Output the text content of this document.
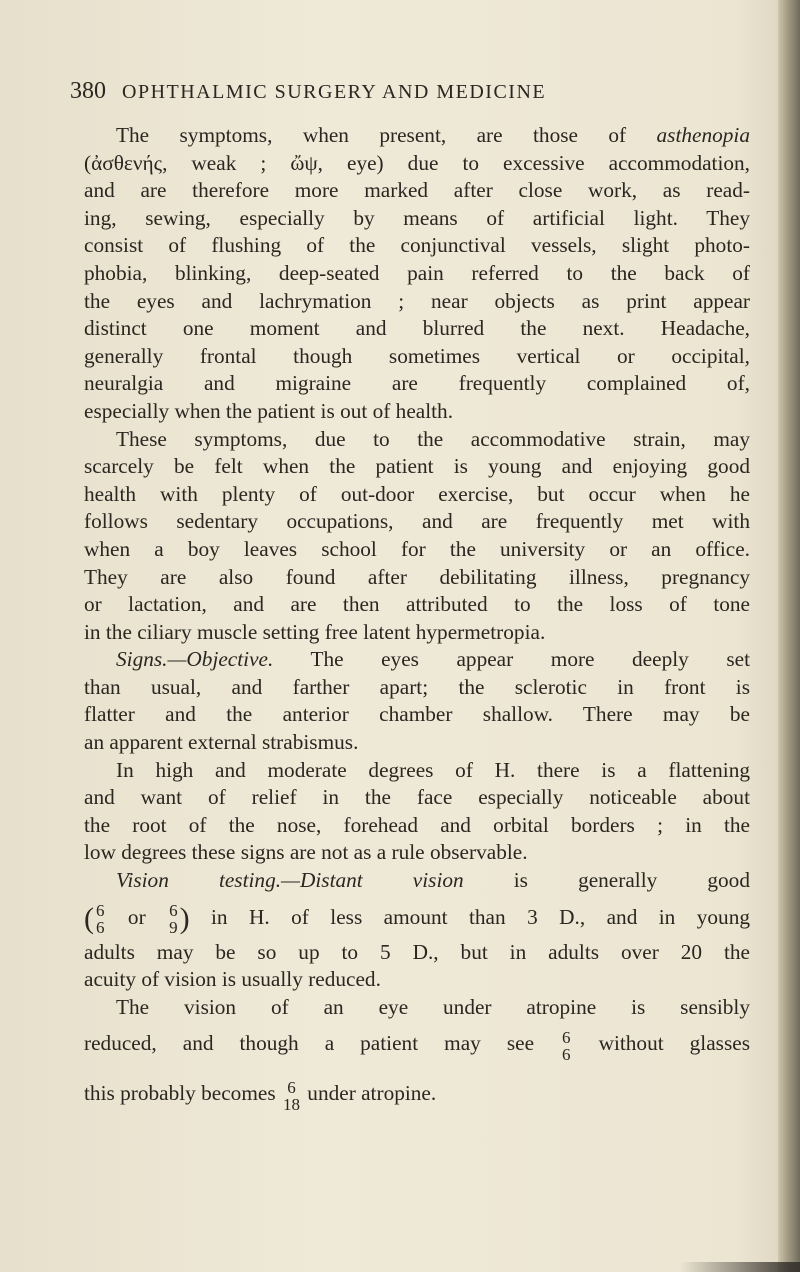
380 OPHTHALMIC SURGERY AND MEDICINE
The symptoms, when present, are those of asthenopia
(ἀσθενής, weak ; ὤψ, eye) due to excessive accommodation,
and are therefore more marked after close work, as read-
ing, sewing, especially by means of artificial light. They
consist of flushing of the conjunctival vessels, slight photo-
phobia, blinking, deep-seated pain referred to the back of
the eyes and lachrymation ; near objects as print appear
distinct one moment and blurred the next. Headache,
generally frontal though sometimes vertical or occipital,
neuralgia and migraine are frequently complained of,
especially when the patient is out of health.
These symptoms, due to the accommodative strain, may
scarcely be felt when the patient is young and enjoying good
health with plenty of out-door exercise, but occur when he
follows sedentary occupations, and are frequently met with
when a boy leaves school for the university or an office.
They are also found after debilitating illness, pregnancy
or lactation, and are then attributed to the loss of tone
in the ciliary muscle setting free latent hypermetropia.
Signs.—Objective. The eyes appear more deeply set
than usual, and farther apart; the sclerotic in front is
flatter and the anterior chamber shallow. There may be
an apparent external strabismus.
In high and moderate degrees of H. there is a flattening
and want of relief in the face especially noticeable about
the root of the nose, forehead and orbital borders ; in the
low degrees these signs are not as a rule observable.
Vision testing.—Distant vision is generally good
( 6
6 or 6
9 ) in H. of less amount than 3 D., and in young
adults may be so up to 5 D., but in adults over 20 the
acuity of vision is usually reduced.
The vision of an eye under atropine is sensibly
reduced, and though a patient may see 6
6 without glasses
this probably becomes 6
18 under atropine.
